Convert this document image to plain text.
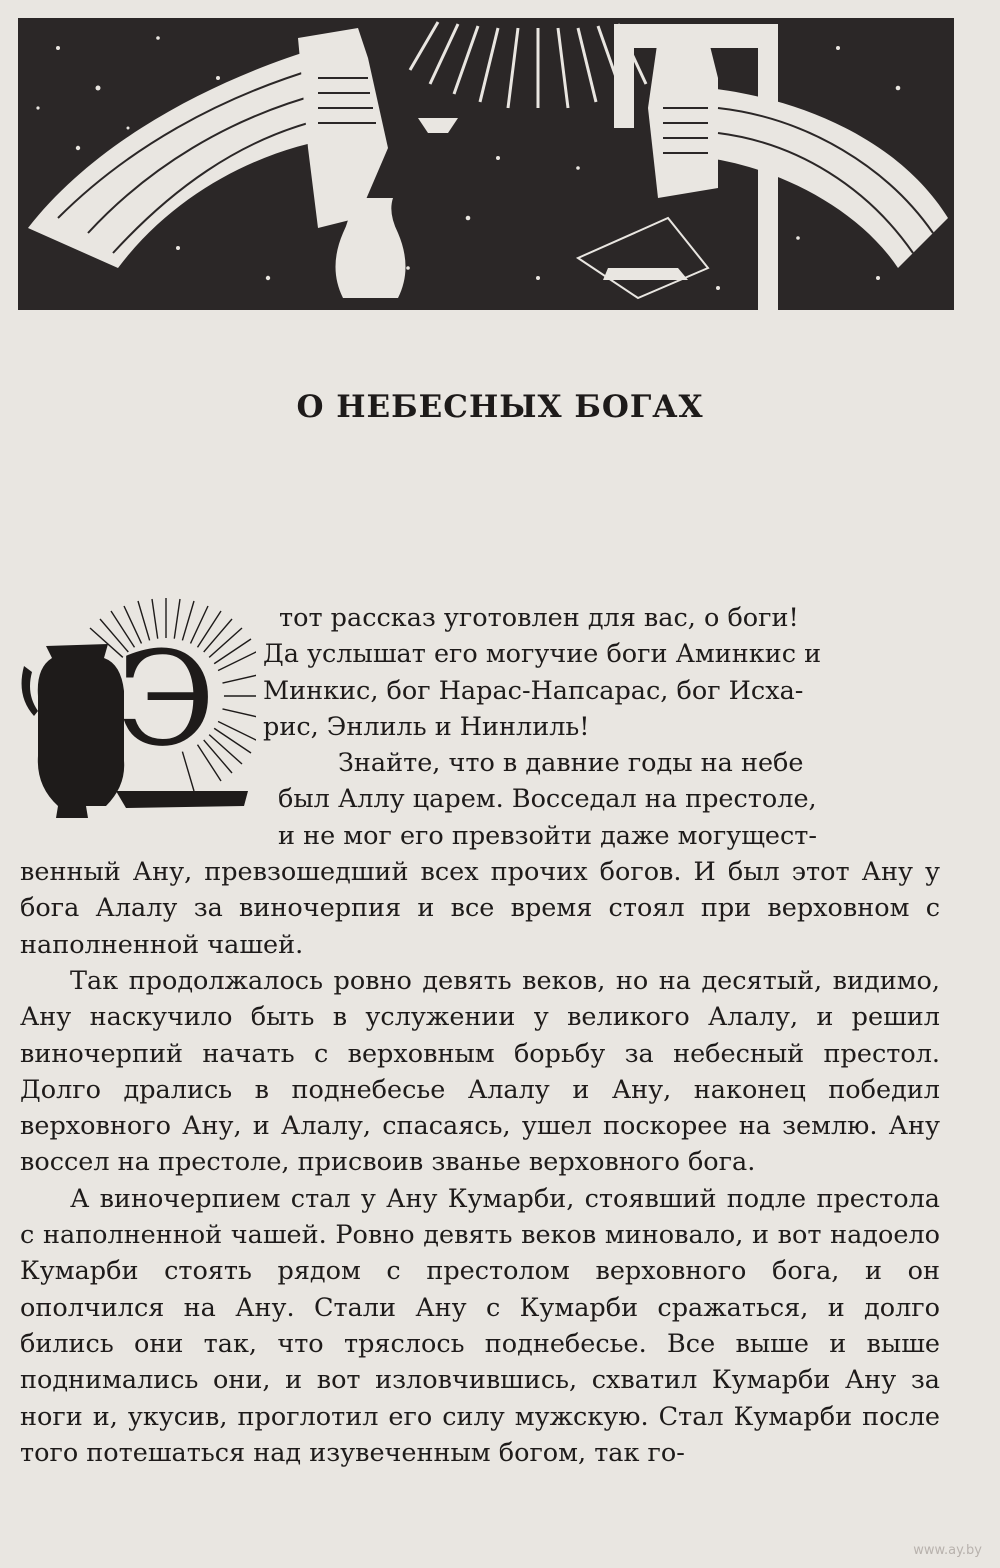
О НЕБЕСНЫХ БОГАХ
Э

тот рассказ уготовлен для вас, о боги!
Да услышат его могучие боги Аминкис и
Минкис, бог Нарас-Напсарас, бог Исха-
рис, Энлиль и Нинлиль!

Знайте, что в давние годы на небе
был Аллу царем. Восседал на престоле,
и не мог его превзойти даже могущест-
венный Ану, превзошедший всех прочих богов. И был этот Ану у бога Алалу за виночерпия и все время стоял при верховном с наполненной чашей.

Так продолжалось ровно девять веков, но на десятый, видимо, Ану наскучило быть в услужении у великого Алалу, и решил виночерпий начать с верховным борьбу за небесный престол. Долго дрались в поднебесье Алалу и Ану, наконец победил верховного Ану, и Алалу, спасаясь, ушел поскорее на землю. Ану воссел на престоле, присвоив званье верховного бога.

А виночерпием стал у Ану Кумарби, стоявший подле престола с наполненной чашей. Ровно девять веков миновало, и вот надоело Кумарби стоять рядом с престолом верховного бога, и он ополчился на Ану. Стали Ану с Кумарби сражаться, и долго бились они так, что тряслось поднебесье. Все выше и выше поднимались они, и вот изловчившись, схватил Кумарби Ану за ноги и, укусив, проглотил его силу мужскую. Стал Кумарби после того потешаться над изувеченным богом, так го-

www.ay.by
